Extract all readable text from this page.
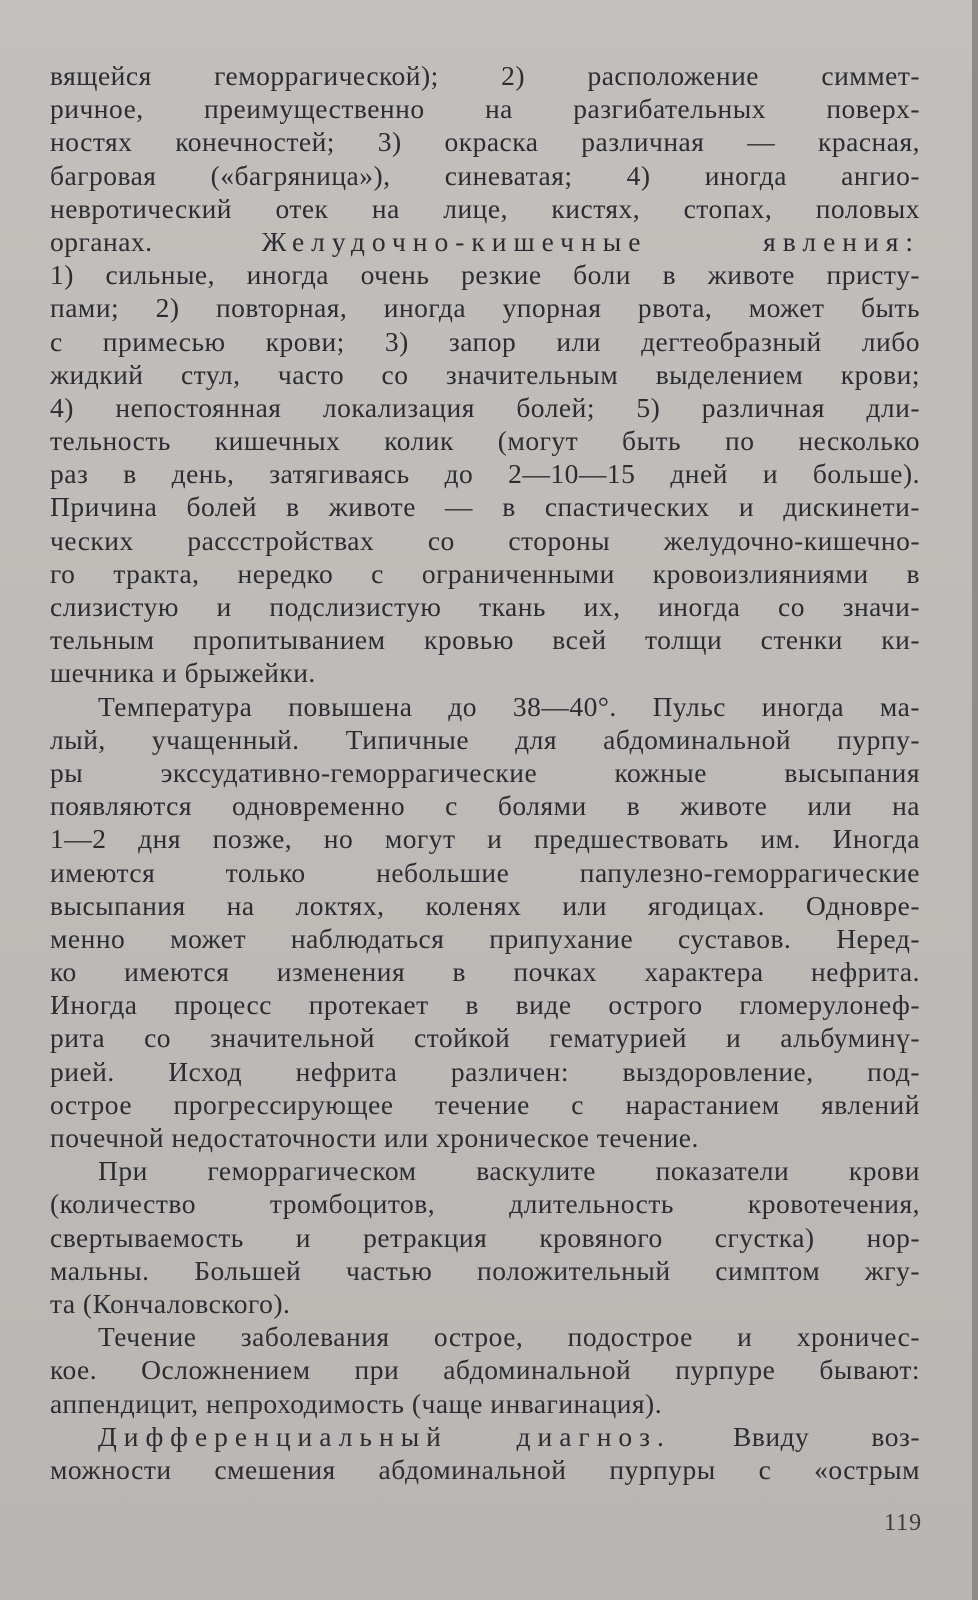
вящейся геморрагической); 2) расположение симмет-
ричное, преимущественно на разгибательных поверх-
ностях конечностей; 3) окраска различная — красная,
багровая («багряница»), синеватая; 4) иногда ангио-
невротический отек на лице, кистях, стопах, половых
органах. Желудочно-кишечные явления:
1) сильные, иногда очень резкие боли в животе присту-
пами; 2) повторная, иногда упорная рвота, может быть
с примесью крови; 3) запор или дегтеобразный либо
жидкий стул, часто со значительным выделением крови;
4) непостоянная локализация болей; 5) различная дли-
тельность кишечных колик (могут быть по несколько
раз в день, затягиваясь до 2—10—15 дней и больше).
Причина болей в животе — в спастических и дискинети-
ческих рассстройствах со стороны желудочно-кишечно-
го тракта, нередко с ограниченными кровоизлияниями в
слизистую и подслизистую ткань их, иногда со значи-
тельным пропитыванием кровью всей толщи стенки ки-
шечника и брыжейки.
Температура повышена до 38—40°. Пульс иногда ма-
лый, учащенный. Типичные для абдоминальной пурпу-
ры экссудативно-геморрагические кожные высыпания
появляются одновременно с болями в животе или на
1—2 дня позже, но могут и предшествовать им. Иногда
имеются только небольшие папулезно-геморрагические
высыпания на локтях, коленях или ягодицах. Одновре-
менно может наблюдаться припухание суставов. Неред-
ко имеются изменения в почках характера нефрита.
Иногда процесс протекает в виде острого гломерулонеф-
рита со значительной стойкой гематурией и альбуминү-
рией. Исход нефрита различен: выздоровление, под-
острое прогрессирующее течение с нарастанием явлений
почечной недостаточности или хроническое течение.
При геморрагическом васкулите показатели крови
(количество тромбоцитов, длительность кровотечения,
свертываемость и ретракция кровяного сгустка) нор-
мальны. Большей частью положительный симптом жгу-
та (Кончаловского).
Течение заболевания острое, подострое и хроничес-
кое. Осложнением при абдоминальной пурпуре бывают:
аппендицит, непроходимость (чаще инвагинация).
Дифференциальный диагноз. Ввиду воз-
можности смешения абдоминальной пурпуры с «острым
119
